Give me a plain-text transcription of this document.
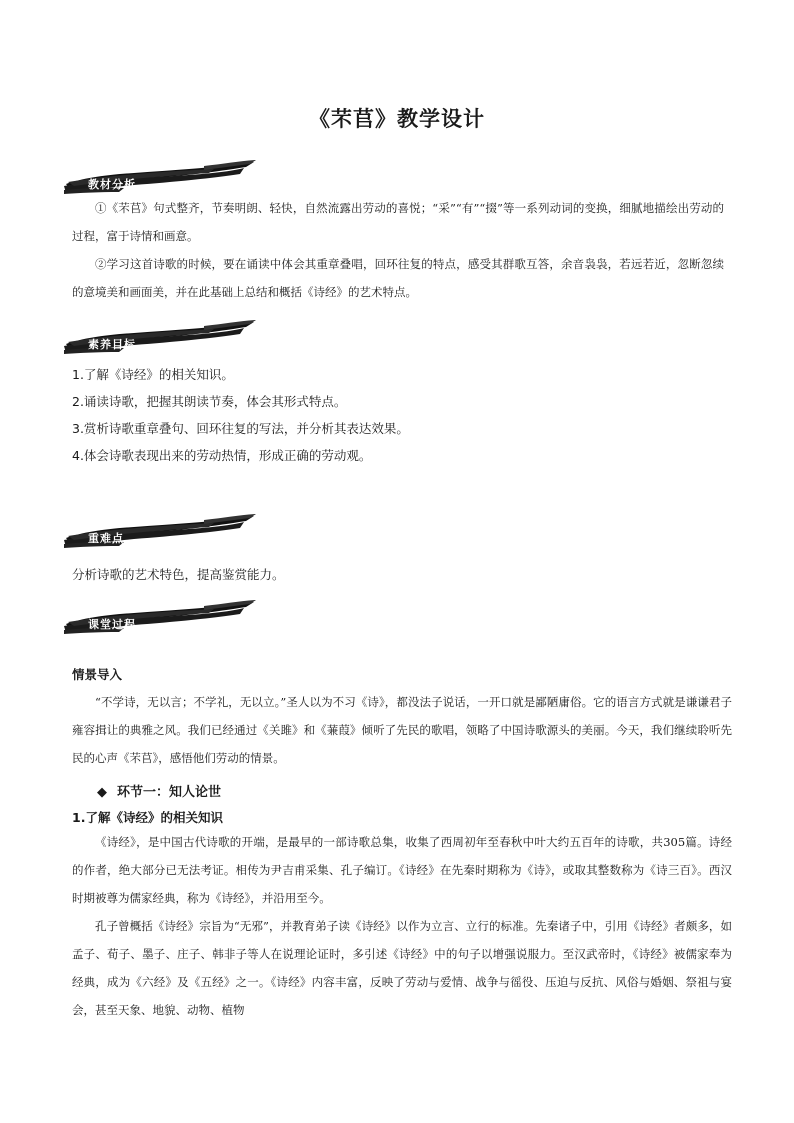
《芣苢》教学设计
教材分析

①《芣苢》句式整齐，节奏明朗、轻快，自然流露出劳动的喜悦；“采”“有”“掇”等一系列动词的变换，细腻地描绘出劳动的过程，富于诗情和画意。

②学习这首诗歌的时候，要在诵读中体会其重章叠唱，回环往复的特点，感受其群歌互答，余音袅袅，若远若近，忽断忽续的意境美和画面美，并在此基础上总结和概括《诗经》的艺术特点。

素养目标
1.了解《诗经》的相关知识。
2.诵读诗歌，把握其朗读节奏，体会其形式特点。
3.赏析诗歌重章叠句、回环往复的写法，并分析其表达效果。
4.体会诗歌表现出来的劳动热情，形成正确的劳动观。
重难点
分析诗歌的艺术特色，提高鉴赏能力。
课堂过程
情景导入

“不学诗，无以言；不学礼，无以立。”圣人以为不习《诗》，都没法子说话，一开口就是鄙陋庸俗。它的语言方式就是谦谦君子雍容揖让的典雅之风。我们已经通过《关雎》和《蒹葭》倾听了先民的歌唱，领略了中国诗歌源头的美丽。今天，我们继续聆听先民的心声《芣苢》，感悟他们劳动的情景。

◆ 环节一：知人论世
1.了解《诗经》的相关知识

《诗经》，是中国古代诗歌的开端，是最早的一部诗歌总集，收集了西周初年至春秋中叶大约五百年的诗歌，共305篇。诗经的作者，绝大部分已无法考证。相传为尹吉甫采集、孔子编订。《诗经》在先秦时期称为《诗》，或取其整数称为《诗三百》。西汉时期被尊为儒家经典，称为《诗经》，并沿用至今。

孔子曾概括《诗经》宗旨为“无邪”，并教育弟子读《诗经》以作为立言、立行的标准。先秦诸子中，引用《诗经》者颇多，如孟子、荀子、墨子、庄子、韩非子等人在说理论证时，多引述《诗经》中的句子以增强说服力。至汉武帝时，《诗经》被儒家奉为经典，成为《六经》及《五经》之一。《诗经》内容丰富，反映了劳动与爱情、战争与徭役、压迫与反抗、风俗与婚姻、祭祖与宴会，甚至天象、地貌、动物、植物
